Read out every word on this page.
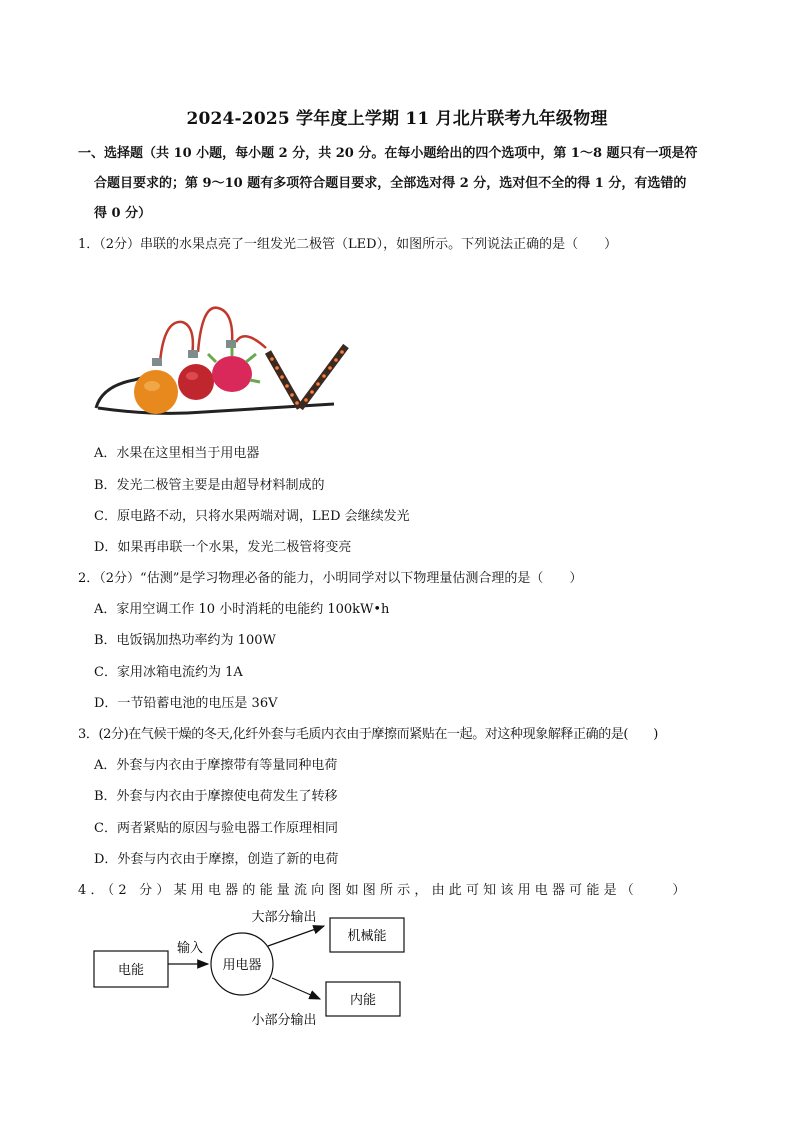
2024-2025 学年度上学期 11 月北片联考九年级物理
一、选择题（共 10 小题，每小题 2 分，共 20 分。在每小题给出的四个选项中，第 1～8 题只有一项是符
合题目要求的；第 9～10 题有多项符合题目要求，全部选对得 2 分，选对但不全的得 1 分，有选错的
得 0 分）
1．（2分）串联的水果点亮了一组发光二极管（LED），如图所示。下列说法正确的是（　　）
A．水果在这里相当于用电器
B．发光二极管主要是由超导材料制成的
C．原电路不动，只将水果两端对调，LED 会继续发光
D．如果再串联一个水果，发光二极管将变亮
2．（2分）“估测”是学习物理必备的能力，小明同学对以下物理量估测合理的是（　　）
A．家用空调工作 10 小时消耗的电能约 100kW•h
B．电饭锅加热功率约为 100W
C．家用冰箱电流约为 1A
D．一节铅蓄电池的电压是 36V
3．(2分)在气候干燥的冬天,化纤外套与毛质内衣由于摩擦而紧贴在一起。对这种现象解释正确的是(　　)
A．外套与内衣由于摩擦带有等量同种电荷
B．外套与内衣由于摩擦使电荷发生了转移
C．两者紧贴的原因与验电器工作原理相同
D．外套与内衣由于摩擦，创造了新的电荷
4．（2 分）某用电器的能量流向图如图所示，由此可知该用电器可能是（　　）
电能
输入
用电器
大部分输出
机械能
内能
小部分输出
